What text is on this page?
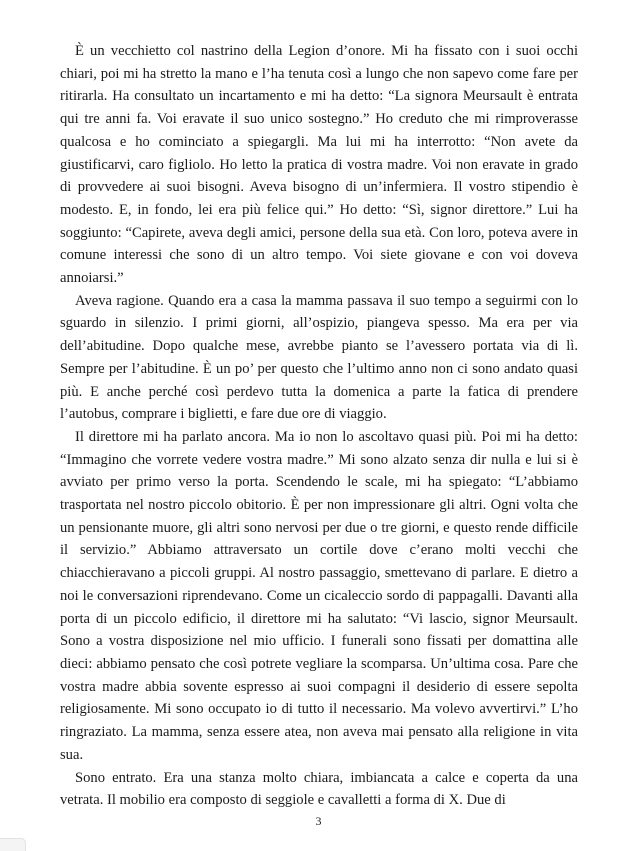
È un vecchietto col nastrino della Legion d’onore. Mi ha fissato con i suoi occhi chiari, poi mi ha stretto la mano e l’ha tenuta così a lungo che non sapevo come fare per ritirarla. Ha consultato un incartamento e mi ha detto: “La signora Meursault è entrata qui tre anni fa. Voi eravate il suo unico sostegno.” Ho creduto che mi rimproverasse qualcosa e ho cominciato a spiegargli. Ma lui mi ha interrotto: “Non avete da giustificarvi, caro figliolo. Ho letto la pratica di vostra madre. Voi non eravate in grado di provvedere ai suoi bisogni. Aveva bisogno di un’infermiera. Il vostro stipendio è modesto. E, in fondo, lei era più felice qui.” Ho detto: “Sì, signor direttore.” Lui ha soggiunto: “Capirete, aveva degli amici, persone della sua età. Con loro, poteva avere in comune interessi che sono di un altro tempo. Voi siete giovane e con voi doveva annoiarsi.”

Aveva ragione. Quando era a casa la mamma passava il suo tempo a seguirmi con lo sguardo in silenzio. I primi giorni, all’ospizio, piangeva spesso. Ma era per via dell’abitudine. Dopo qualche mese, avrebbe pianto se l’avessero portata via di lì. Sempre per l’abitudine. È un po’ per questo che l’ultimo anno non ci sono andato quasi più. E anche perché così perdevo tutta la domenica a parte la fatica di prendere l’autobus, comprare i biglietti, e fare due ore di viaggio.

Il direttore mi ha parlato ancora. Ma io non lo ascoltavo quasi più. Poi mi ha detto: “Immagino che vorrete vedere vostra madre.” Mi sono alzato senza dir nulla e lui si è avviato per primo verso la porta. Scendendo le scale, mi ha spiegato: “L’abbiamo trasportata nel nostro piccolo obitorio. È per non impressionare gli altri. Ogni volta che un pensionante muore, gli altri sono nervosi per due o tre giorni, e questo rende difficile il servizio.” Abbiamo attraversato un cortile dove c’erano molti vecchi che chiacchieravano a piccoli gruppi. Al nostro passaggio, smettevano di parlare. E dietro a noi le conversazioni riprendevano. Come un cicaleccio sordo di pappagalli. Davanti alla porta di un piccolo edificio, il direttore mi ha salutato: “Vi lascio, signor Meursault. Sono a vostra disposizione nel mio ufficio. I funerali sono fissati per domattina alle dieci: abbiamo pensato che così potrete vegliare la scomparsa. Un’ultima cosa. Pare che vostra madre abbia sovente espresso ai suoi compagni il desiderio di essere sepolta religiosamente. Mi sono occupato io di tutto il necessario. Ma volevo avvertirvi.” L’ho ringraziato. La mamma, senza essere atea, non aveva mai pensato alla religione in vita sua.

Sono entrato. Era una stanza molto chiara, imbiancata a calce e coperta da una vetrata. Il mobilio era composto di seggiole e cavalletti a forma di X. Due di

3
